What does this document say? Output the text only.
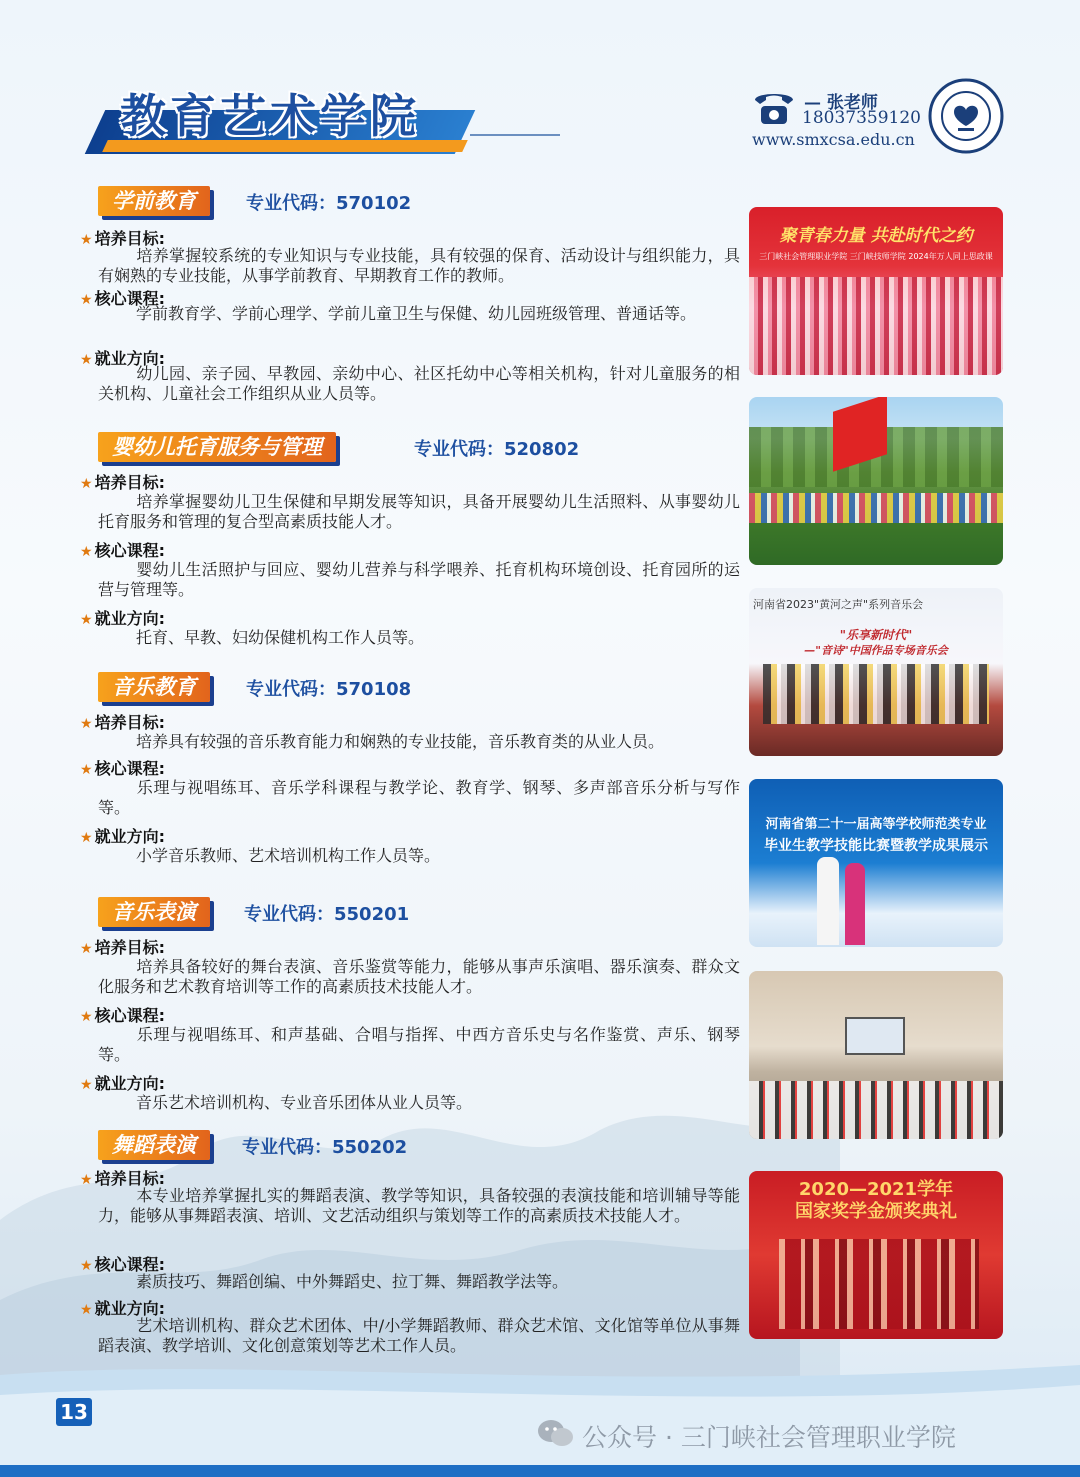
教育艺术学院	— 张老师
18037359120
www.smxcsa.edu.cn
学前教育	专业代码：570102
★ 培养目标:
培养掌握较系统的专业知识与专业技能，具有较强的保育、活动设计与组织能力，具有娴熟的专业技能，从事学前教育、早期教育工作的教师。
★ 核心课程:
学前教育学、学前心理学、学前儿童卫生与保健、幼儿园班级管理、普通话等。
★ 就业方向:
幼儿园、亲子园、早教园、亲幼中心、社区托幼中心等相关机构，针对儿童服务的相关机构、儿童社会工作组织从业人员等。
婴幼儿托育服务与管理	专业代码：520802
★ 培养目标:
培养掌握婴幼儿卫生保健和早期发展等知识，具备开展婴幼儿生活照料、从事婴幼儿托育服务和管理的复合型高素质技能人才。
★ 核心课程:
婴幼儿生活照护与回应、婴幼儿营养与科学喂养、托育机构环境创设、托育园所的运营与管理等。
★ 就业方向:
托育、早教、妇幼保健机构工作人员等。
音乐教育	专业代码：570108
★ 培养目标:
培养具有较强的音乐教育能力和娴熟的专业技能，音乐教育类的从业人员。
★ 核心课程:
乐理与视唱练耳、音乐学科课程与教学论、教育学、钢琴、多声部音乐分析与写作等。
★ 就业方向:
小学音乐教师、艺术培训机构工作人员等。
音乐表演	专业代码：550201
★ 培养目标:
培养具备较好的舞台表演、音乐鉴赏等能力，能够从事声乐演唱、器乐演奏、群众文化服务和艺术教育培训等工作的高素质技术技能人才。
★ 核心课程:
乐理与视唱练耳、和声基础、合唱与指挥、中西方音乐史与名作鉴赏、声乐、钢琴等。
★ 就业方向:
音乐艺术培训机构、专业音乐团体从业人员等。
舞蹈表演	专业代码：550202
★ 培养目标:
本专业培养掌握扎实的舞蹈表演、教学等知识，具备较强的表演技能和培训辅导等能力，能够从事舞蹈表演、培训、文艺活动组织与策划等工作的高素质技术技能人才。
★ 核心课程:
素质技巧、舞蹈创编、中外舞蹈史、拉丁舞、舞蹈教学法等。
★ 就业方向:
艺术培训机构、群众艺术团体、中/小学舞蹈教师、群众艺术馆、文化馆等单位从事舞蹈表演、教学培训、文化创意策划等艺术工作人员。
聚青春力量 共赴时代之约
三门峡社会管理职业学院 三门峡技师学院 2024年万人同上思政课
河南省2023"黄河之声"系列音乐会
"乐享新时代"
—"音诗"中国作品专场音乐会
河南省第二十一届高等学校师范类专业
毕业生教学技能比赛暨教学成果展示
2020—2021学年
国家奖学金颁奖典礼
13
公众号 · 三门峡社会管理职业学院
